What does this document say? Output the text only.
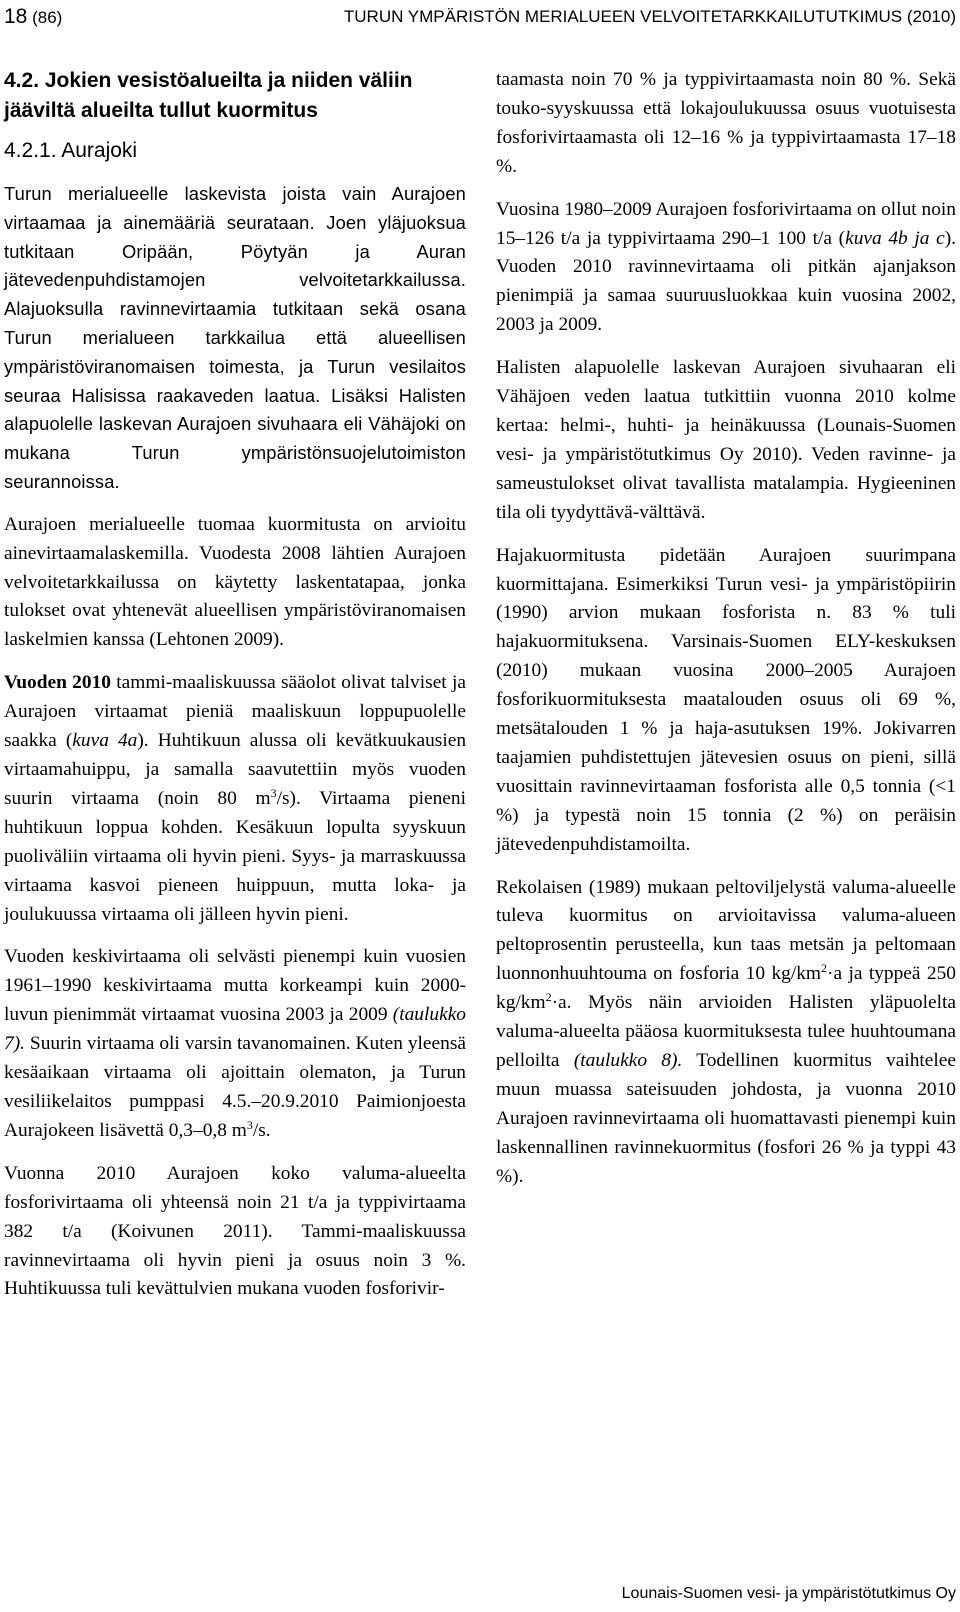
18 (86)	TURUN YMPÄRISTÖN MERIALUEEN VELVOITETARKKAILUTUTKIMUS (2010)
4.2. Jokien vesistöalueilta ja niiden väliin jääviltä alueilta tullut kuormitus
4.2.1. Aurajoki

Turun merialueelle laskevista joista vain Aurajoen virtaamaa ja ainemääriä seurataan. Joen yläjuoksua tutkitaan Oripään, Pöytyän ja Auran jätevedenpuhdistamojen velvoitetarkkailussa. Alajuoksulla ravinnevirtaamia tutkitaan sekä osana Turun merialueen tarkkailua että alueellisen ympäristöviranomaisen toimesta, ja Turun vesilaitos seuraa Halisissa raakaveden laatua. Lisäksi Halisten alapuolelle laskevan Aurajoen sivuhaara eli Vähäjoki on mukana Turun ympäristönsuojelutoimiston seurannoissa.

Aurajoen merialueelle tuomaa kuormitusta on arvioitu ainevirtaamalaskemilla. Vuodesta 2008 lähtien Aurajoen velvoitetarkkailussa on käytetty laskentatapaa, jonka tulokset ovat yhtenevät alueellisen ympäristöviranomaisen laskelmien kanssa (Lehtonen 2009).

Vuoden 2010 tammi-maaliskuussa sääolot olivat talviset ja Aurajoen virtaamat pieniä maaliskuun loppupuolelle saakka (kuva 4a). Huhtikuun alussa oli kevätkuukausien virtaamahuippu, ja samalla saavutettiin myös vuoden suurin virtaama (noin 80 $m^3/s$). Virtaama pieneni huhtikuun loppua kohden. Kesäkuun lopulta syyskuun puoliväliin virtaama oli hyvin pieni. Syys- ja marraskuussa virtaama kasvoi pieneen huippuun, mutta loka- ja joulukuussa virtaama oli jälleen hyvin pieni.

Vuoden keskivirtaama oli selvästi pienempi kuin vuosien 1961–1990 keskivirtaama mutta korkeampi kuin 2000-luvun pienimmät virtaamat vuosina 2003 ja 2009 (taulukko 7). Suurin virtaama oli varsin tavanomainen. Kuten yleensä kesäaikaan virtaama oli ajoittain olematon, ja Turun vesiliikelaitos pumppasi 4.5.–20.9.2010 Paimionjoesta Aurajokeen lisävettä 0,3–0,8 $m^3/s$.

Vuonna 2010 Aurajoen koko valuma-alueelta fosforivirtaama oli yhteensä noin 21 t/a ja typpivirtaama 382 t/a (Koivunen 2011). Tammi-maaliskuussa ravinnevirtaama oli hyvin pieni ja osuus noin 3 %. Huhtikuussa tuli kevättulvien mukana vuoden fosforivir-

taamasta noin 70 % ja typpivirtaamasta noin 80 %. Sekä touko-syyskuussa että lokajoulukuussa osuus vuotuisesta fosforivirtaamasta oli 12–16 % ja typpivirtaamasta 17–18 %.

Vuosina 1980–2009 Aurajoen fosforivirtaama on ollut noin 15–126 t/a ja typpivirtaama 290–1 100 t/a (kuva 4b ja c). Vuoden 2010 ravinnevirtaama oli pitkän ajanjakson pienimpiä ja samaa suuruusluokkaa kuin vuosina 2002, 2003 ja 2009.

Halisten alapuolelle laskevan Aurajoen sivuhaaran eli Vähäjoen veden laatua tutkittiin vuonna 2010 kolme kertaa: helmi-, huhti- ja heinäkuussa (Lounais-Suomen vesi- ja ympäristötutkimus Oy 2010). Veden ravinne- ja sameustulokset olivat tavallista matalampia. Hygieeninen tila oli tyydyttävä-välttävä.

Hajakuormitusta pidetään Aurajoen suurimpana kuormittajana. Esimerkiksi Turun vesi- ja ympäristöpiirin (1990) arvion mukaan fosforista n. 83 % tuli hajakuormituksena. Varsinais-Suomen ELY-keskuksen (2010) mukaan vuosina 2000–2005 Aurajoen fosforikuormituksesta maatalouden osuus oli 69 %, metsätalouden 1 % ja haja-asutuksen 19%. Jokivarren taajamien puhdistettujen jätevesien osuus on pieni, sillä vuosittain ravinnevirtaaman fosforista alle 0,5 tonnia (<1 %) ja typestä noin 15 tonnia (2 %) on peräisin jätevedenpuhdistamoilta.

Rekolaisen (1989) mukaan peltoviljelystä valuma-alueelle tuleva kuormitus on arvioitavissa valuma-alueen peltoprosentin perusteella, kun taas metsän ja peltomaan luonnonhuuhtouma on fosforia 10 $kg/km^2\cdot a$ ja typpeä 250 $kg/km^2\cdot a$. Myös näin arvioiden Halisten yläpuolelta valuma-alueelta pääosa kuormituksesta tulee huuhtoumana pelloilta (taulukko 8). Todellinen kuormitus vaihtelee muun muassa sateisuuden johdosta, ja vuonna 2010 Aurajoen ravinnevirtaama oli huomattavasti pienempi kuin laskennallinen ravinnekuormitus (fosfori 26 % ja typpi 43 %).

Lounais-Suomen vesi- ja ympäristötutkimus Oy
